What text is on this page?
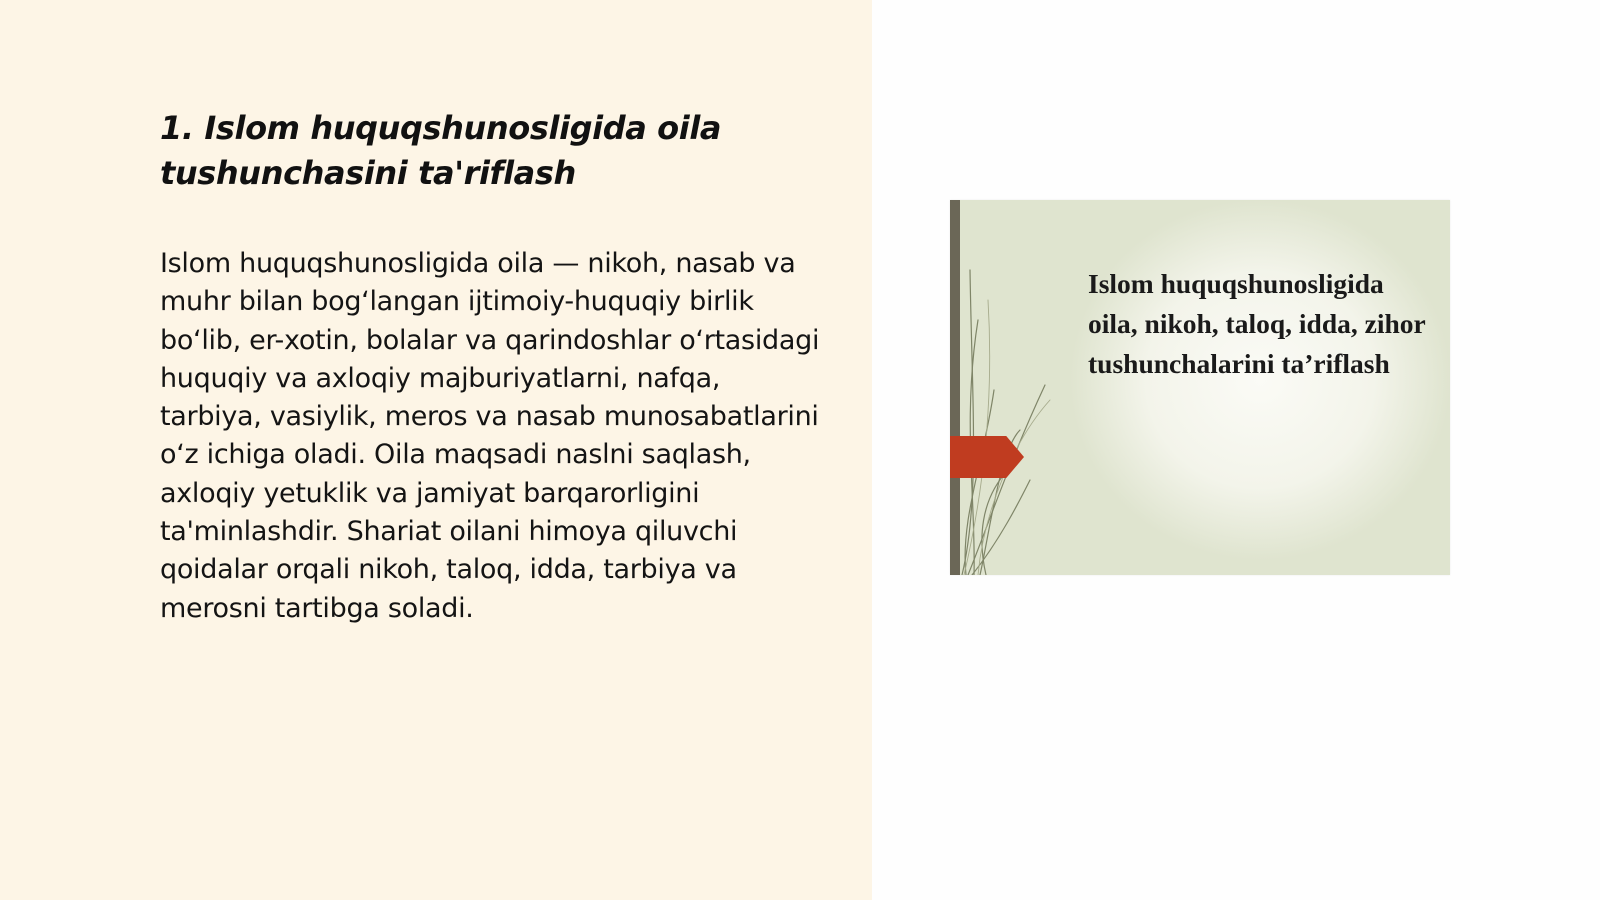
1. Islom huquqshunosligida oila tushunchasini ta'riflash

Islom huquqshunosligida oila — nikoh, nasab va muhr bilan bogʻlangan ijtimoiy-huquqiy birlik boʻlib, er-xotin, bolalar va qarindoshlar oʻrtasidagi huquqiy va axloqiy majburiyatlarni, nafqa, tarbiya, vasiylik, meros va nasab munosabatlarini oʻz ichiga oladi. Oila maqsadi naslni saqlash, axloqiy yetuklik va jamiyat barqarorligini ta'minlashdir. Shariat oilani himoya qiluvchi qoidalar orqali nikoh, taloq, idda, tarbiya va merosni tartibga soladi.

Islom huquqshunosligida oila, nikoh, taloq, idda, zihor tushunchalarini ta’riflash
